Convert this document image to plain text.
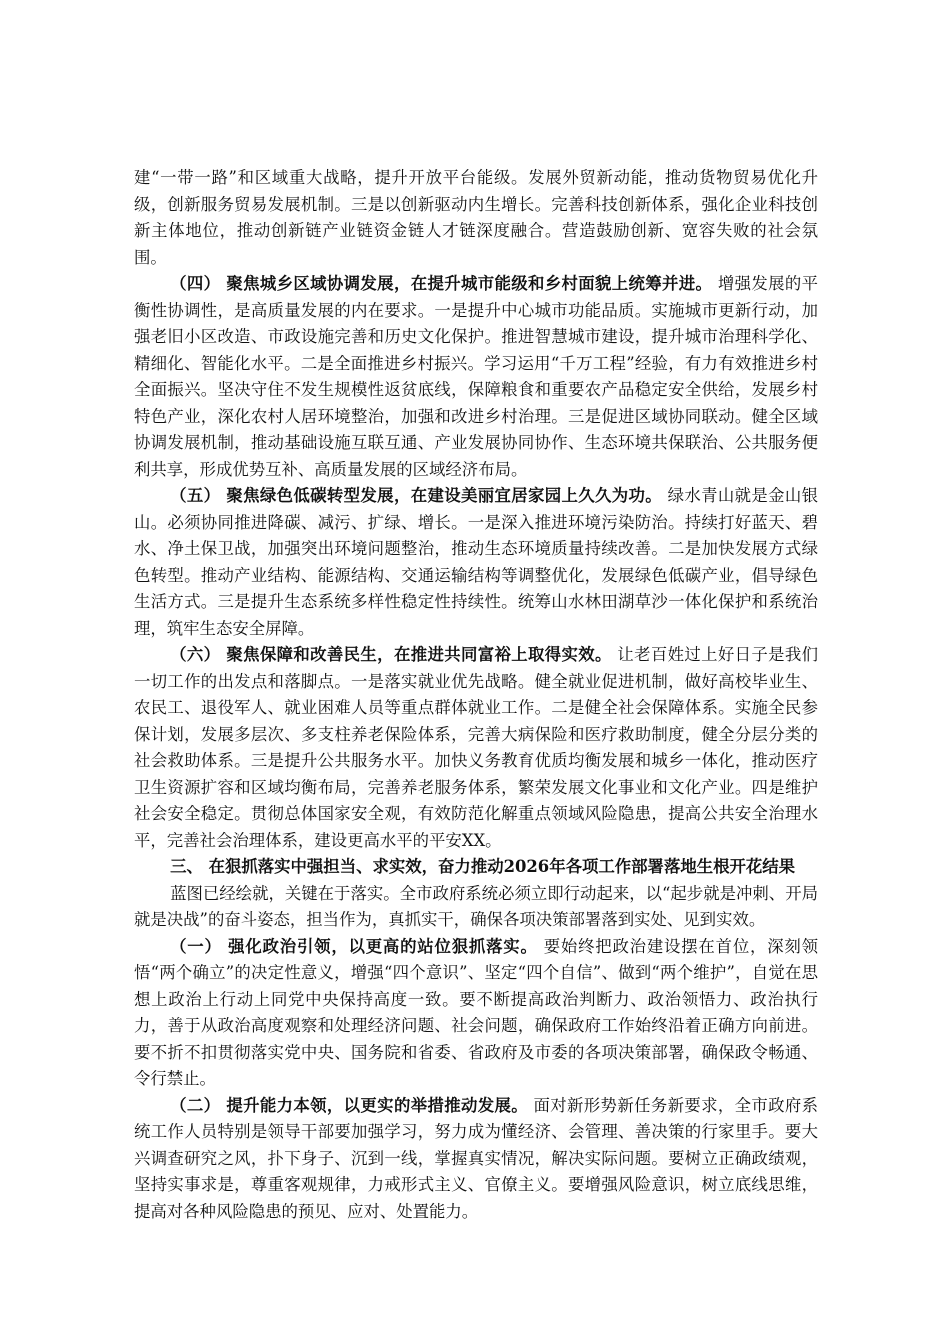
建“一带一路”和区域重大战略，提升开放平台能级。发展外贸新动能，推动货物贸易优化升级，创新服务贸易发展机制。三是以创新驱动内生增长。完善科技创新体系，强化企业科技创新主体地位，推动创新链产业链资金链人才链深度融合。营造鼓励创新、宽容失败的社会氛围。

（四） 聚焦城乡区域协调发展，在提升城市能级和乡村面貌上统筹并进。 增强发展的平衡性协调性，是高质量发展的内在要求。一是提升中心城市功能品质。实施城市更新行动，加强老旧小区改造、市政设施完善和历史文化保护。推进智慧城市建设，提升城市治理科学化、精细化、智能化水平。二是全面推进乡村振兴。学习运用“千万工程”经验，有力有效推进乡村全面振兴。坚决守住不发生规模性返贫底线，保障粮食和重要农产品稳定安全供给，发展乡村特色产业，深化农村人居环境整治，加强和改进乡村治理。三是促进区域协同联动。健全区域协调发展机制，推动基础设施互联互通、产业发展协同协作、生态环境共保联治、公共服务便利共享，形成优势互补、高质量发展的区域经济布局。

（五） 聚焦绿色低碳转型发展，在建设美丽宜居家园上久久为功。 绿水青山就是金山银山。必须协同推进降碳、减污、扩绿、增长。一是深入推进环境污染防治。持续打好蓝天、碧水、净土保卫战，加强突出环境问题整治，推动生态环境质量持续改善。二是加快发展方式绿色转型。推动产业结构、能源结构、交通运输结构等调整优化，发展绿色低碳产业，倡导绿色生活方式。三是提升生态系统多样性稳定性持续性。统筹山水林田湖草沙一体化保护和系统治理，筑牢生态安全屏障。

（六） 聚焦保障和改善民生，在推进共同富裕上取得实效。 让老百姓过上好日子是我们一切工作的出发点和落脚点。一是落实就业优先战略。健全就业促进机制，做好高校毕业生、农民工、退役军人、就业困难人员等重点群体就业工作。二是健全社会保障体系。实施全民参保计划，发展多层次、多支柱养老保险体系，完善大病保险和医疗救助制度，健全分层分类的社会救助体系。三是提升公共服务水平。加快义务教育优质均衡发展和城乡一体化，推动医疗卫生资源扩容和区域均衡布局，完善养老服务体系，繁荣发展文化事业和文化产业。四是维护社会安全稳定。贯彻总体国家安全观，有效防范化解重点领域风险隐患，提高公共安全治理水平，完善社会治理体系，建设更高水平的平安XX。

三、 在狠抓落实中强担当、求实效，奋力推动2026年各项工作部署落地生根开花结果

蓝图已经绘就，关键在于落实。全市政府系统必须立即行动起来，以“起步就是冲刺、开局就是决战”的奋斗姿态，担当作为，真抓实干，确保各项决策部署落到实处、见到实效。

（一） 强化政治引领，以更高的站位狠抓落实。 要始终把政治建设摆在首位，深刻领悟“两个确立”的决定性意义，增强“四个意识”、坚定“四个自信”、做到“两个维护”，自觉在思想上政治上行动上同党中央保持高度一致。要不断提高政治判断力、政治领悟力、政治执行力，善于从政治高度观察和处理经济问题、社会问题，确保政府工作始终沿着正确方向前进。要不折不扣贯彻落实党中央、国务院和省委、省政府及市委的各项决策部署，确保政令畅通、令行禁止。

（二） 提升能力本领，以更实的举措推动发展。 面对新形势新任务新要求，全市政府系统工作人员特别是领导干部要加强学习，努力成为懂经济、会管理、善决策的行家里手。要大兴调查研究之风，扑下身子、沉到一线，掌握真实情况，解决实际问题。要树立正确政绩观，坚持实事求是，尊重客观规律，力戒形式主义、官僚主义。要增强风险意识，树立底线思维，提高对各种风险隐患的预见、应对、处置能力。
